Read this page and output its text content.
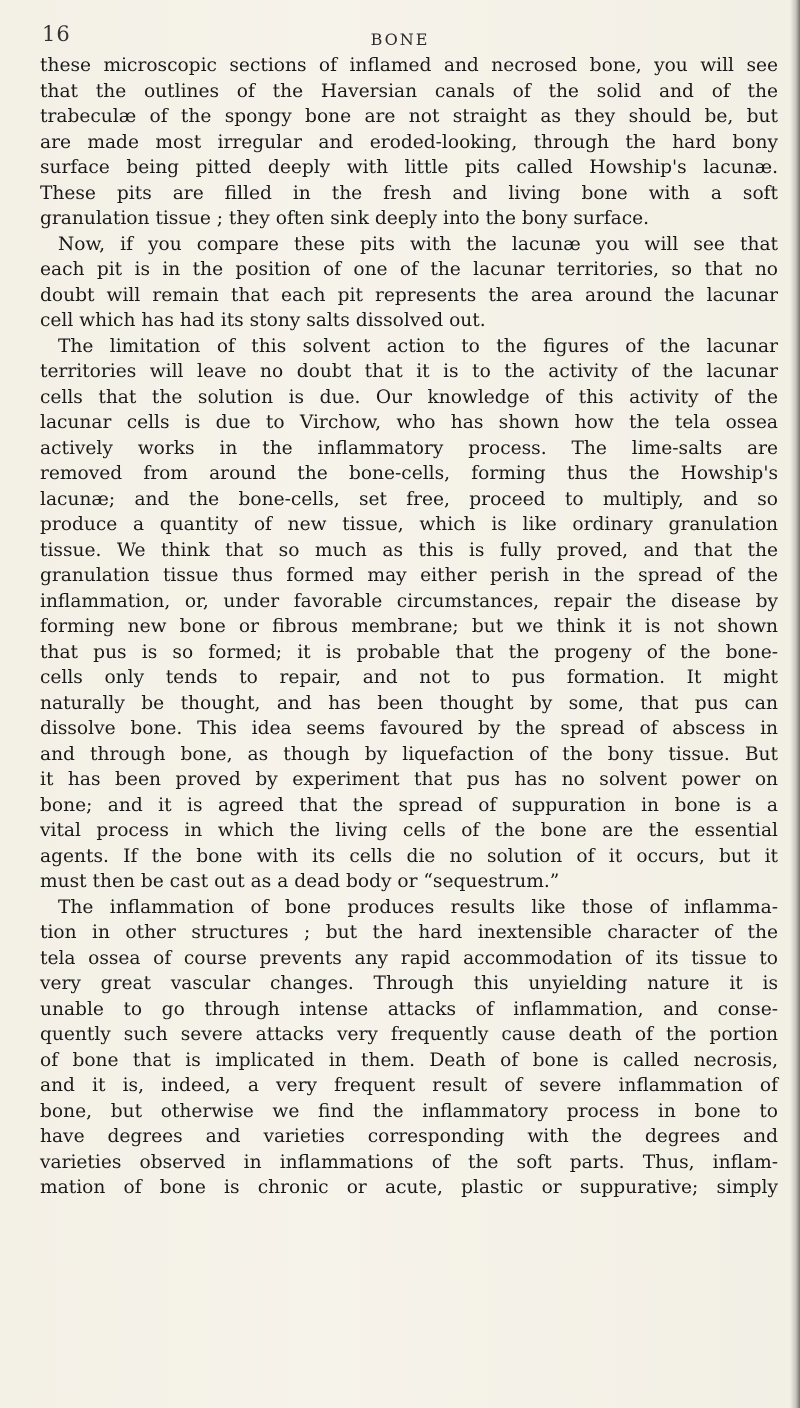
16	BONE
these microscopic sections of inflamed and necrosed bone, you will see
that the outlines of the Haversian canals of the solid and of the
trabeculæ of the spongy bone are not straight as they should be, but
are made most irregular and eroded-looking, through the hard bony
surface being pitted deeply with little pits called Howship's lacunæ.
These pits are filled in the fresh and living bone with a soft
granulation tissue ; they often sink deeply into the bony surface.
Now, if you compare these pits with the lacunæ you will see that
each pit is in the position of one of the lacunar territories, so that no
doubt will remain that each pit represents the area around the lacunar
cell which has had its stony salts dissolved out.
The limitation of this solvent action to the figures of the lacunar
territories will leave no doubt that it is to the activity of the lacunar
cells that the solution is due. Our knowledge of this activity of the
lacunar cells is due to Virchow, who has shown how the tela ossea
actively works in the inflammatory process. The lime-salts are
removed from around the bone-cells, forming thus the Howship's
lacunæ; and the bone-cells, set free, proceed to multiply, and so
produce a quantity of new tissue, which is like ordinary granulation
tissue. We think that so much as this is fully proved, and that the
granulation tissue thus formed may either perish in the spread of the
inflammation, or, under favorable circumstances, repair the disease by
forming new bone or fibrous membrane; but we think it is not shown
that pus is so formed; it is probable that the progeny of the bone-
cells only tends to repair, and not to pus formation. It might
naturally be thought, and has been thought by some, that pus can
dissolve bone. This idea seems favoured by the spread of abscess in
and through bone, as though by liquefaction of the bony tissue. But
it has been proved by experiment that pus has no solvent power on
bone; and it is agreed that the spread of suppuration in bone is a
vital process in which the living cells of the bone are the essential
agents. If the bone with its cells die no solution of it occurs, but it
must then be cast out as a dead body or “sequestrum.”
The inflammation of bone produces results like those of inflamma-
tion in other structures ; but the hard inextensible character of the
tela ossea of course prevents any rapid accommodation of its tissue to
very great vascular changes. Through this unyielding nature it is
unable to go through intense attacks of inflammation, and conse-
quently such severe attacks very frequently cause death of the portion
of bone that is implicated in them. Death of bone is called necrosis,
and it is, indeed, a very frequent result of severe inflammation of
bone, but otherwise we find the inflammatory process in bone to
have degrees and varieties corresponding with the degrees and
varieties observed in inflammations of the soft parts. Thus, inflam-
mation of bone is chronic or acute, plastic or suppurative; simply
